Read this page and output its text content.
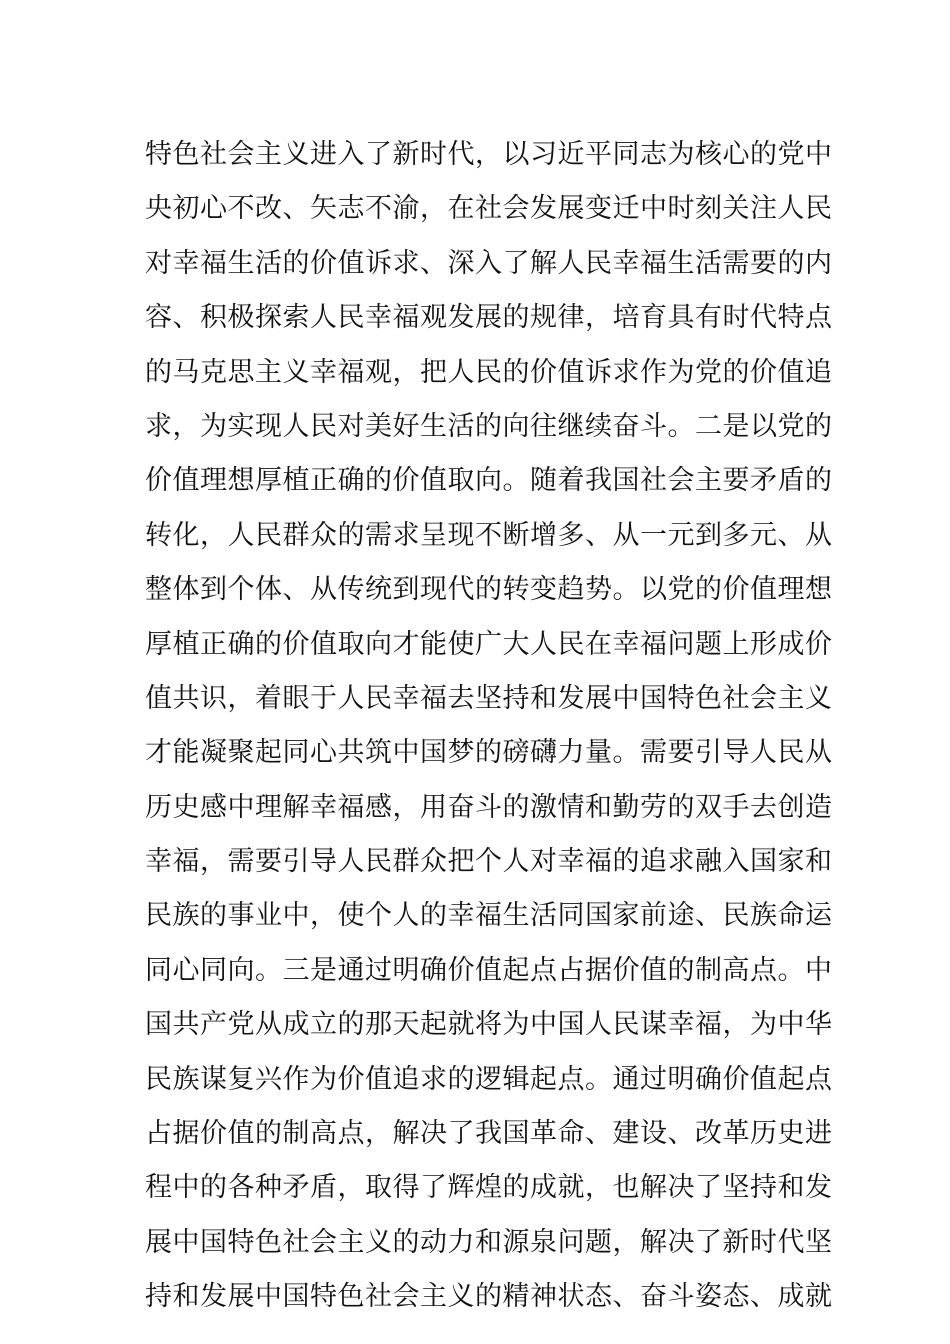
特色社会主义进入了新时代，以习近平同志为核心的党中
央初心不改、矢志不渝，在社会发展变迁中时刻关注人民
对幸福生活的价值诉求、深入了解人民幸福生活需要的内
容、积极探索人民幸福观发展的规律，培育具有时代特点
的马克思主义幸福观，把人民的价值诉求作为党的价值追
求，为实现人民对美好生活的向往继续奋斗。二是以党的
价值理想厚植正确的价值取向。随着我国社会主要矛盾的
转化，人民群众的需求呈现不断增多、从一元到多元、从
整体到个体、从传统到现代的转变趋势。以党的价值理想
厚植正确的价值取向才能使广大人民在幸福问题上形成价
值共识，着眼于人民幸福去坚持和发展中国特色社会主义
才能凝聚起同心共筑中国梦的磅礴力量。需要引导人民从
历史感中理解幸福感，用奋斗的激情和勤劳的双手去创造
幸福，需要引导人民群众把个人对幸福的追求融入国家和
民族的事业中，使个人的幸福生活同国家前途、民族命运
同心同向。三是通过明确价值起点占据价值的制高点。中
国共产党从成立的那天起就将为中国人民谋幸福，为中华
民族谋复兴作为价值追求的逻辑起点。通过明确价值起点
占据价值的制高点，解决了我国革命、建设、改革历史进
程中的各种矛盾，取得了辉煌的成就，也解决了坚持和发
展中国特色社会主义的动力和源泉问题，解决了新时代坚
持和发展中国特色社会主义的精神状态、奋斗姿态、成就
